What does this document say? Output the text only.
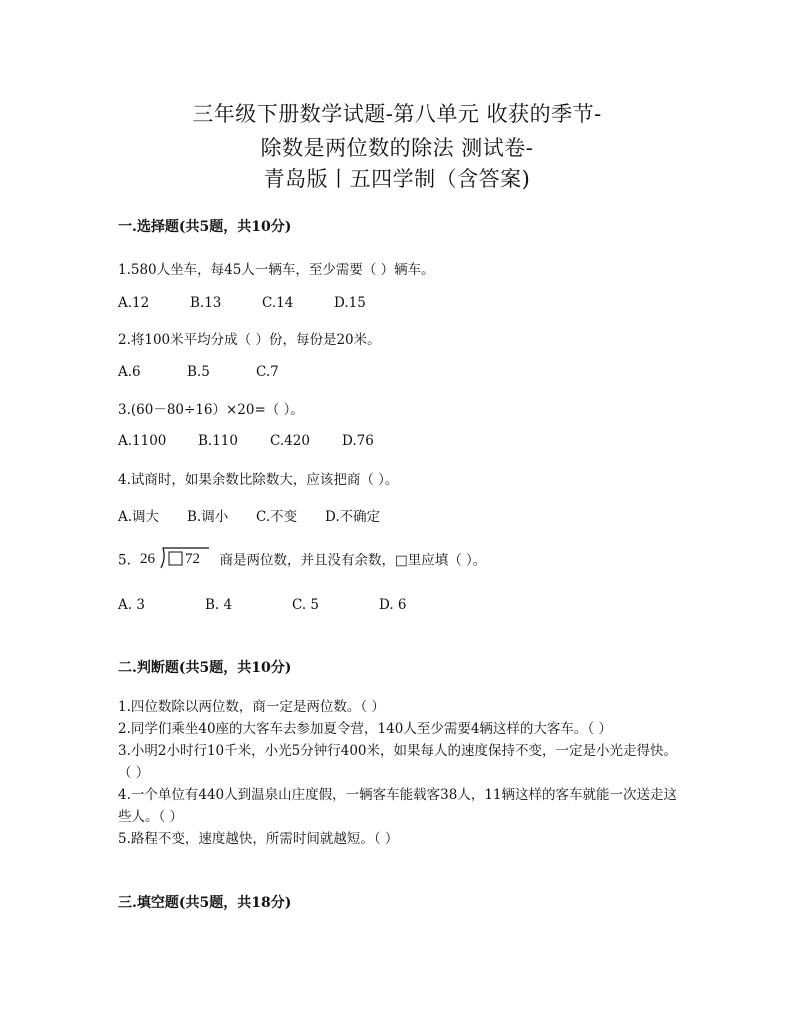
三年级下册数学试题-第八单元 收获的季节-
除数是两位数的除法 测试卷-
青岛版丨五四学制（含答案)
一.选择题(共5题，共10分)
1.580人坐车，每45人一辆车，至少需要（ ）辆车。
A.12	B.13	C.14	D.15
2.将100米平均分成（ ）份，每份是20米。
A.6	B.5	C.7
3.(60－80÷16）×20=（ ）。
A.1100 B.110 C.420 D.76
4.试商时，如果余数比除数大，应该把商（ ）。
A.调大 B.调小 C.不变 D.不确定
5. 26 72 商是两位数，并且没有余数，□里应填（ ）。
A. 3	B. 4	C. 5	D. 6
二.判断题(共5题，共10分)
1.四位数除以两位数，商一定是两位数。（ ）
2.同学们乘坐40座的大客车去参加夏令营，140人至少需要4辆这样的大客车。（ ）
3.小明2小时行10千米，小光5分钟行400米，如果每人的速度保持不变，一定是小光走得快。（ ）
4.一个单位有440人到温泉山庄度假，一辆客车能载客38人，11辆这样的客车就能一次送走这些人。（ ）
5.路程不变，速度越快，所需时间就越短。（ ）
三.填空题(共5题，共18分)
